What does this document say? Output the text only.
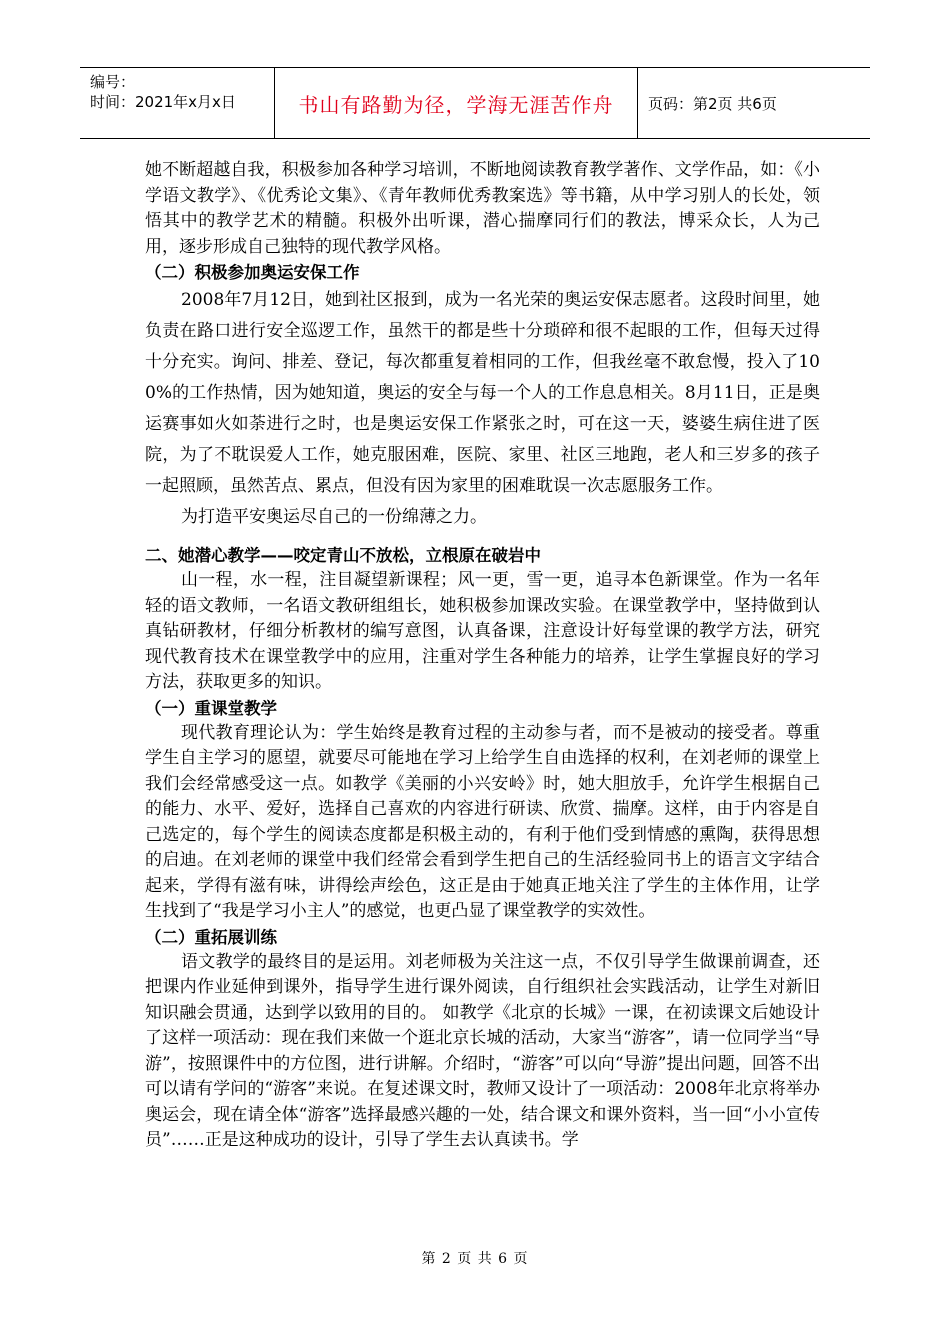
编号：
时间：2021年x月x日	书山有路勤为径，学海无涯苦作舟	页码：第2页 共6页

她不断超越自我，积极参加各种学习培训，不断地阅读教育教学著作、文学作品，如：《小学语文教学》、《优秀论文集》、《青年教师优秀教案选》等书籍，从中学习别人的长处，领悟其中的教学艺术的精髓。积极外出听课，潜心揣摩同行们的教法，博采众长，人为己用，逐步形成自己独特的现代教学风格。

（二）积极参加奥运安保工作

2008年7月12日，她到社区报到，成为一名光荣的奥运安保志愿者。这段时间里，她负责在路口进行安全巡逻工作，虽然干的都是些十分琐碎和很不起眼的工作，但每天过得十分充实。询问、排差、登记，每次都重复着相同的工作，但我丝毫不敢怠慢，投入了100%的工作热情，因为她知道，奥运的安全与每一个人的工作息息相关。8月11日，正是奥运赛事如火如荼进行之时，也是奥运安保工作紧张之时，可在这一天，婆婆生病住进了医院，为了不耽误爱人工作，她克服困难，医院、家里、社区三地跑，老人和三岁多的孩子一起照顾，虽然苦点、累点，但没有因为家里的困难耽误一次志愿服务工作。

为打造平安奥运尽自己的一份绵薄之力。

二、她潜心教学——咬定青山不放松，立根原在破岩中

山一程，水一程，注目凝望新课程；风一更，雪一更，追寻本色新课堂。作为一名年轻的语文教师，一名语文教研组组长，她积极参加课改实验。在课堂教学中，坚持做到认真钻研教材，仔细分析教材的编写意图，认真备课，注意设计好每堂课的教学方法，研究现代教育技术在课堂教学中的应用，注重对学生各种能力的培养，让学生掌握良好的学习方法，获取更多的知识。

（一）重课堂教学

现代教育理论认为：学生始终是教育过程的主动参与者，而不是被动的接受者。尊重学生自主学习的愿望，就要尽可能地在学习上给学生自由选择的权利，在刘老师的课堂上我们会经常感受这一点。如教学《美丽的小兴安岭》时，她大胆放手，允许学生根据自己的能力、水平、爱好，选择自己喜欢的内容进行研读、欣赏、揣摩。这样，由于内容是自己选定的，每个学生的阅读态度都是积极主动的，有利于他们受到情感的熏陶，获得思想的启迪。在刘老师的课堂中我们经常会看到学生把自己的生活经验同书上的语言文字结合起来，学得有滋有味，讲得绘声绘色，这正是由于她真正地关注了学生的主体作用，让学生找到了“我是学习小主人”的感觉，也更凸显了课堂教学的实效性。

（二）重拓展训练

语文教学的最终目的是运用。刘老师极为关注这一点，不仅引导学生做课前调查，还把课内作业延伸到课外，指导学生进行课外阅读，自行组织社会实践活动，让学生对新旧知识融会贯通，达到学以致用的目的。 如教学《北京的长城》一课，在初读课文后她设计了这样一项活动：现在我们来做一个逛北京长城的活动，大家当“游客”，请一位同学当“导游”，按照课件中的方位图，进行讲解。介绍时，“游客”可以向“导游”提出问题，回答不出可以请有学问的“游客”来说。在复述课文时，教师又设计了一项活动：2008年北京将举办奥运会，现在请全体“游客”选择最感兴趣的一处，结合课文和课外资料，当一回“小小宣传员”……正是这种成功的设计，引导了学生去认真读书。学

第 2 页 共 6 页
